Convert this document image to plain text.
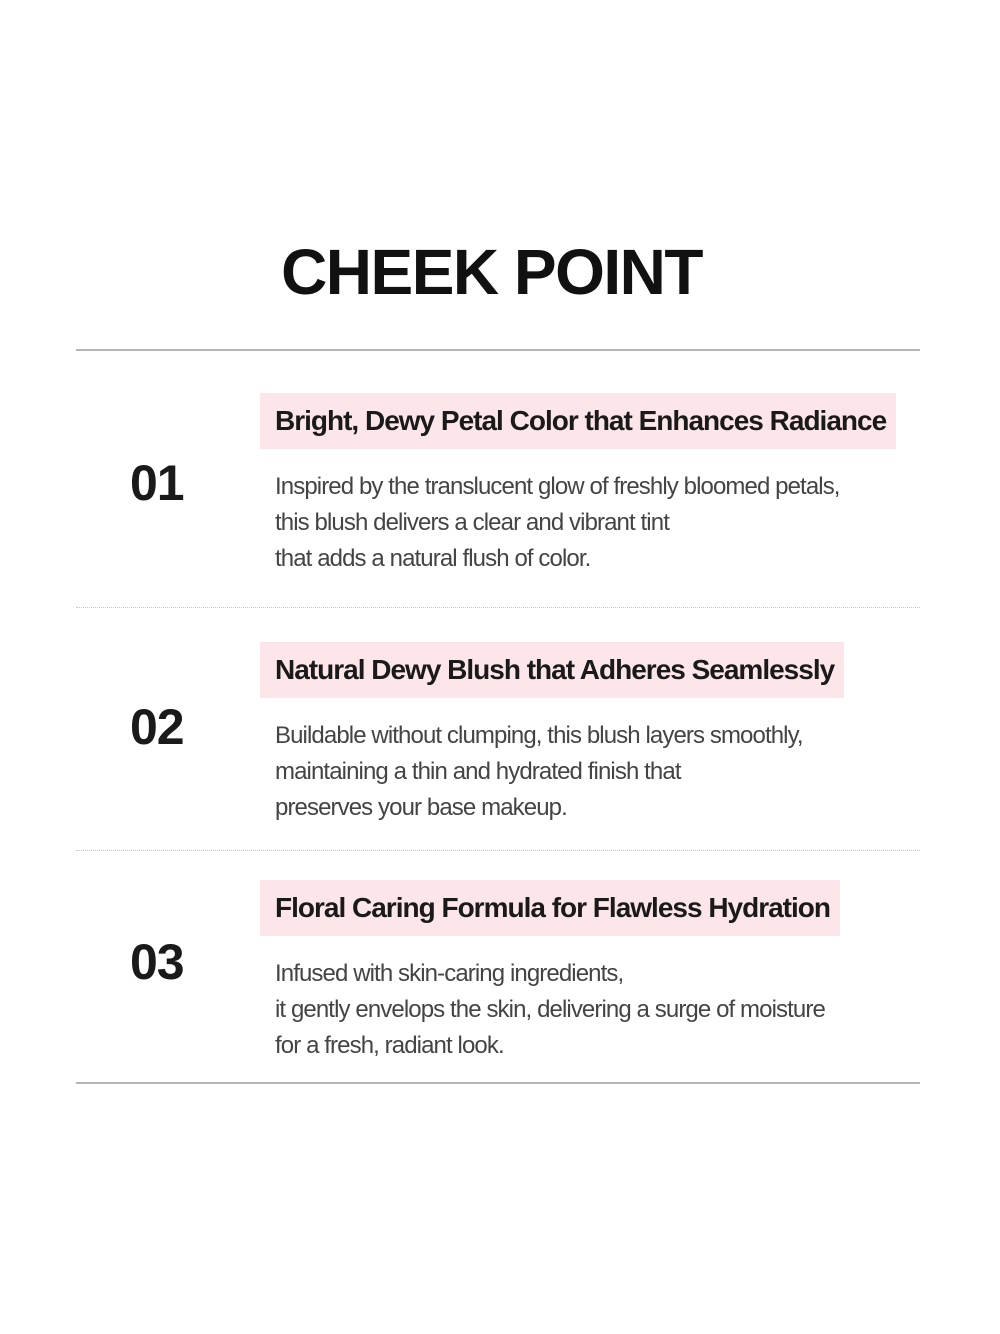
CHEEK POINT
01
Bright, Dewy Petal Color that Enhances Radiance
Inspired by the translucent glow of freshly bloomed petals,
this blush delivers a clear and vibrant tint
that adds a natural flush of color.
02
Natural Dewy Blush that Adheres Seamlessly
Buildable without clumping, this blush layers smoothly,
maintaining a thin and hydrated finish that
preserves your base makeup.
03
Floral Caring Formula for Flawless Hydration
Infused with skin-caring ingredients,
it gently envelops the skin, delivering a surge of moisture
for a fresh, radiant look.
